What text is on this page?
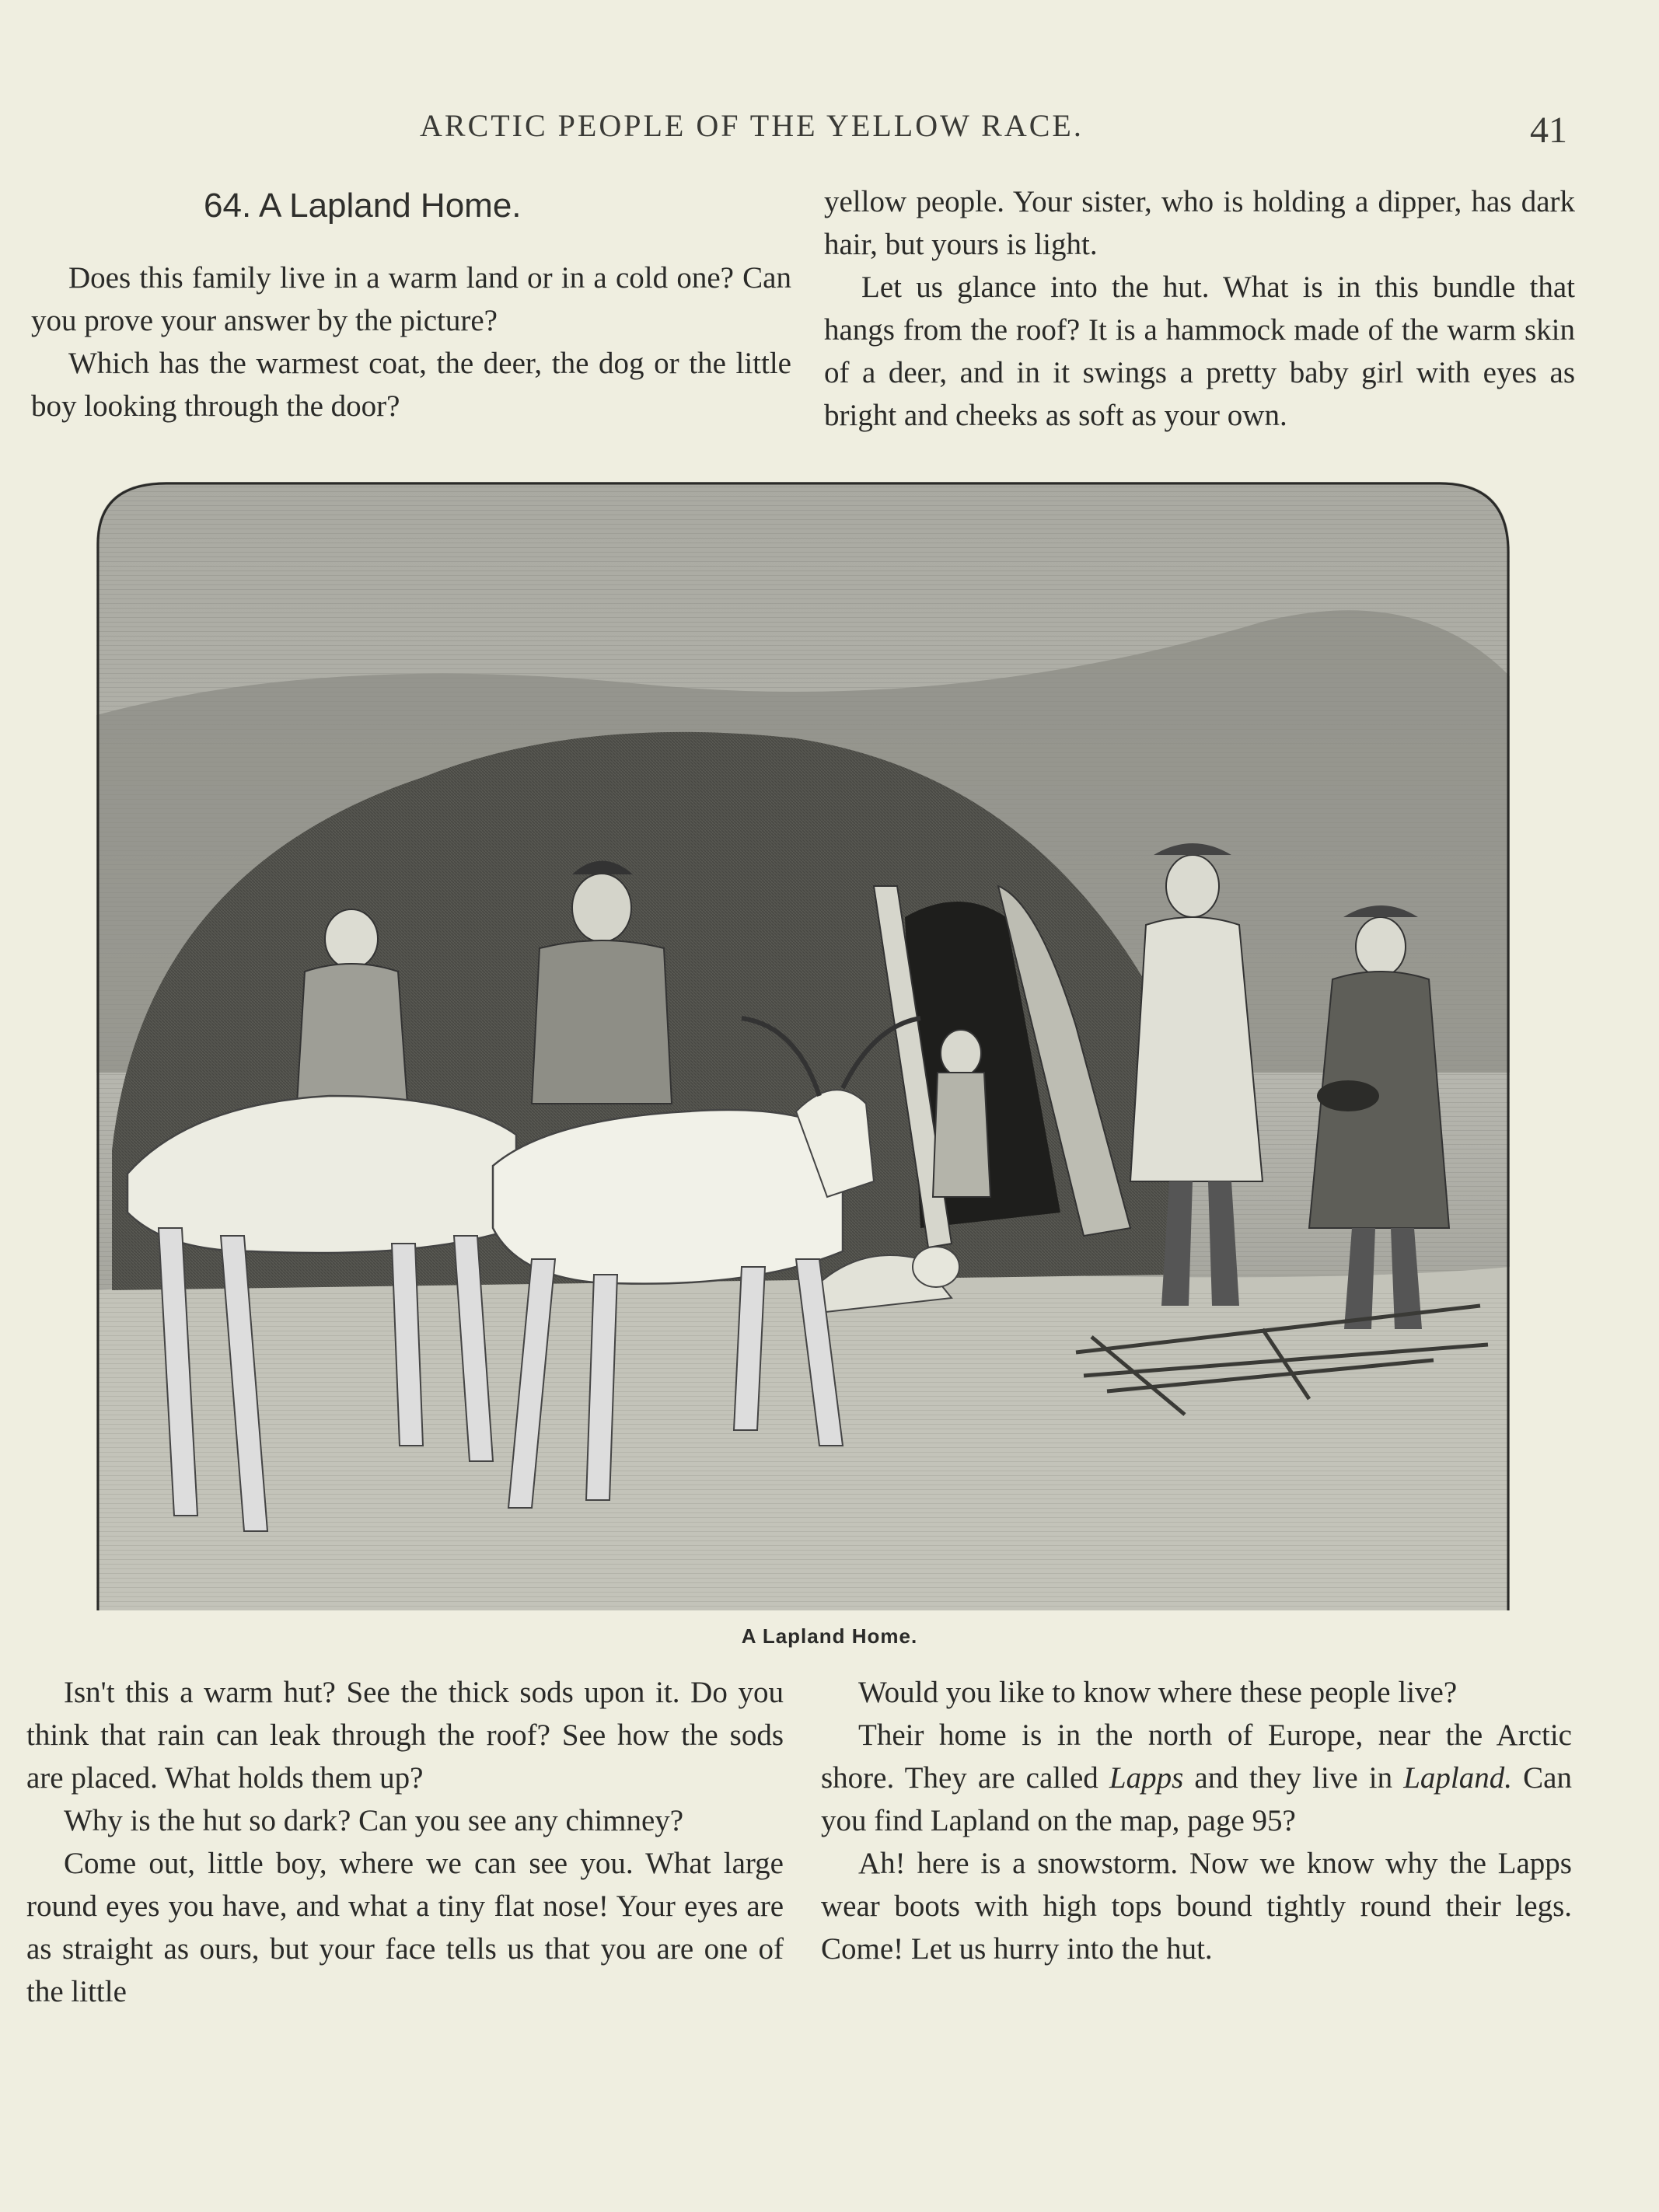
ARCTIC PEOPLE OF THE YELLOW RACE.	41
64. A Lapland Home.

Does this family live in a warm land or in a cold one? Can you prove your answer by the picture?

Which has the warmest coat, the deer, the dog or the little boy looking through the door?

yellow people. Your sister, who is holding a dipper, has dark hair, but yours is light.

Let us glance into the hut. What is in this bundle that hangs from the roof? It is a hammock made of the warm skin of a deer, and in it swings a pretty baby girl with eyes as bright and cheeks as soft as your own.

A Lapland Home.

Isn't this a warm hut? See the thick sods upon it. Do you think that rain can leak through the roof? See how the sods are placed. What holds them up?

Why is the hut so dark? Can you see any chimney?

Come out, little boy, where we can see you. What large round eyes you have, and what a tiny flat nose! Your eyes are as straight as ours, but your face tells us that you are one of the little

Would you like to know where these people live?

Their home is in the north of Europe, near the Arctic shore. They are called Lapps and they live in Lapland. Can you find Lapland on the map, page 95?

Ah! here is a snowstorm. Now we know why the Lapps wear boots with high tops bound tightly round their legs. Come! Let us hurry into the hut.
